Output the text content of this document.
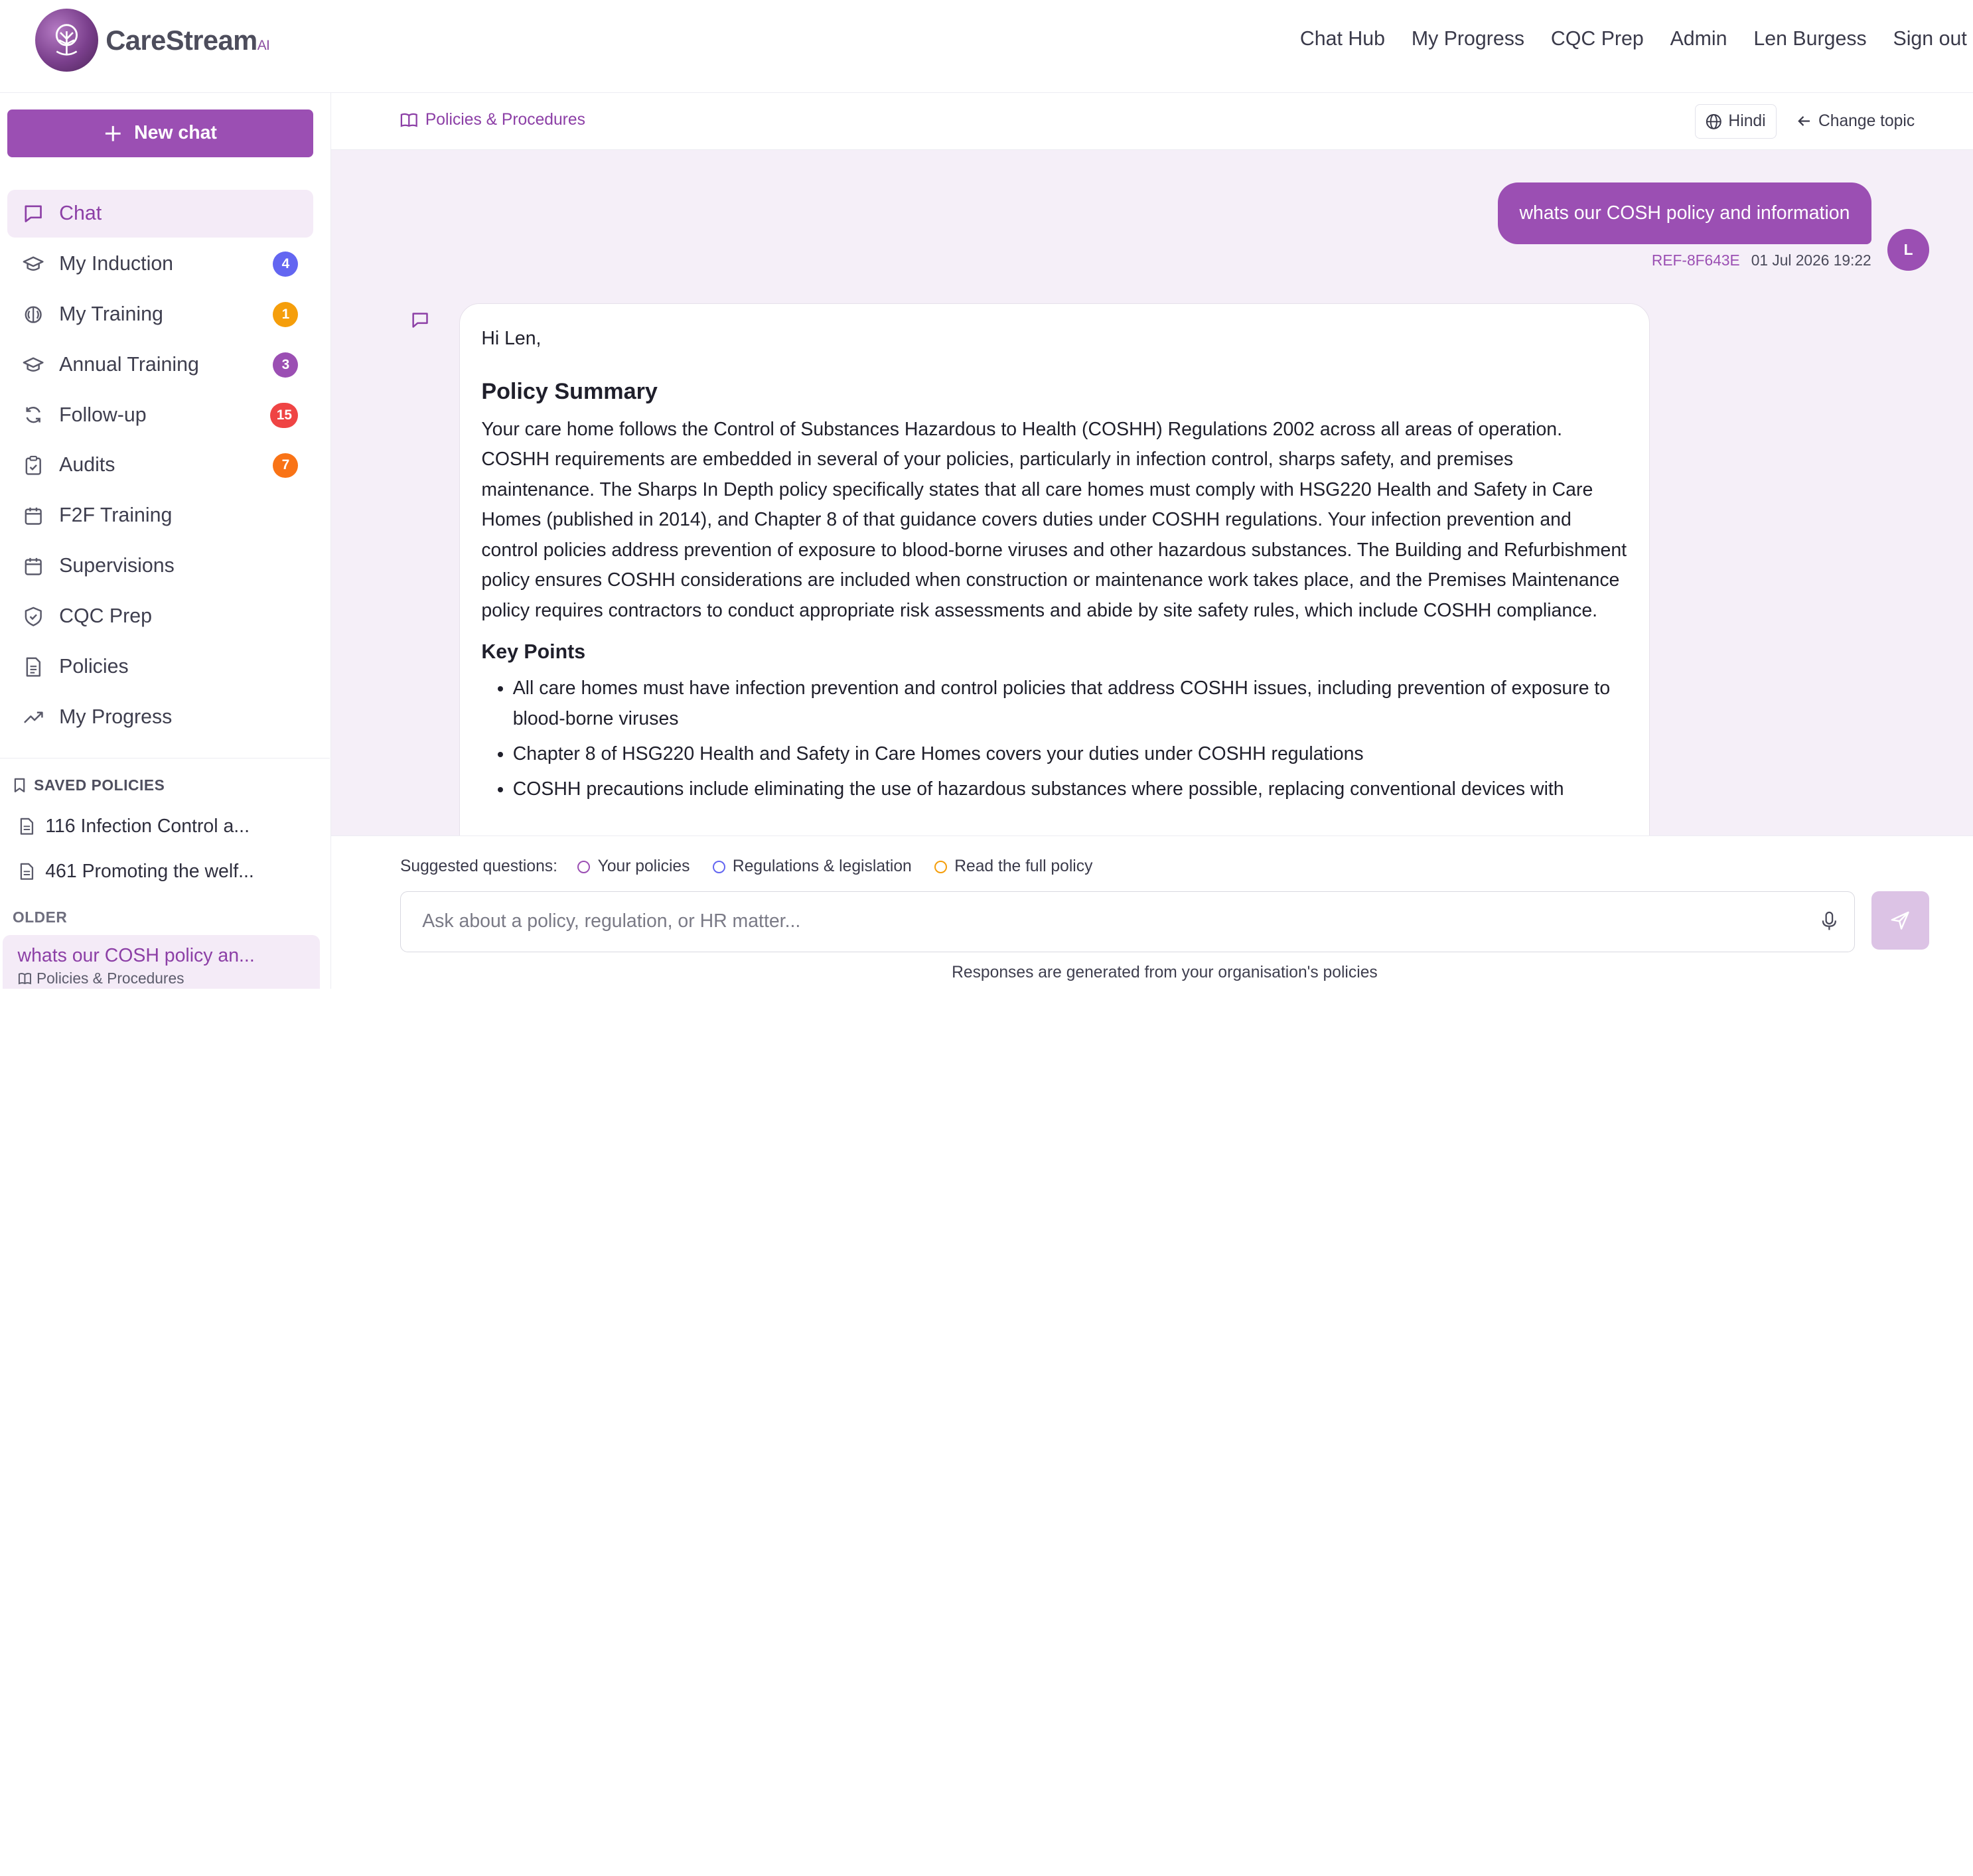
CareStreamAI	Chat Hub My Progress CQC Prep Admin Len Burgess Sign out
New chat
Chat
My Induction	4
My Training	1
Annual Training	3
Follow-up	15
Audits	7
F2F Training
Supervisions
CQC Prep
Policies
My Progress
SAVED POLICIES
116 Infection Control a...
461 Promoting the welf...
OLDER
whats our COSH policy an...
Policies & Procedures
Policies & Procedures	Hindi	Change topic
whats our COSH policy and information
REF-8F643E 01 Jul 2026 19:22
L

Hi Len,

Policy Summary

Your care home follows the Control of Substances Hazardous to Health (COSHH) Regulations 2002 across all areas of operation. COSHH requirements are embedded in several of your policies, particularly in infection control, sharps safety, and premises maintenance. The Sharps In Depth policy specifically states that all care homes must comply with HSG220 Health and Safety in Care Homes (published in 2014), and Chapter 8 of that guidance covers duties under COSHH regulations. Your infection prevention and control policies address prevention of exposure to blood-borne viruses and other hazardous substances. The Building and Refurbishment policy ensures COSHH considerations are included when construction or maintenance work takes place, and the Premises Maintenance policy requires contractors to conduct appropriate risk assessments and abide by site safety rules, which include COSHH compliance.

Key Points
• All care homes must have infection prevention and control policies that address COSHH issues, including prevention of exposure to blood-borne viruses
• Chapter 8 of HSG220 Health and Safety in Care Homes covers your duties under COSHH regulations
• COSHH precautions include eliminating the use of hazardous substances where possible, replacing conventional devices with
Suggested questions:	Your policies	Regulations & legislation	Read the full policy
Ask about a policy, regulation, or HR matter...
Responses are generated from your organisation's policies
